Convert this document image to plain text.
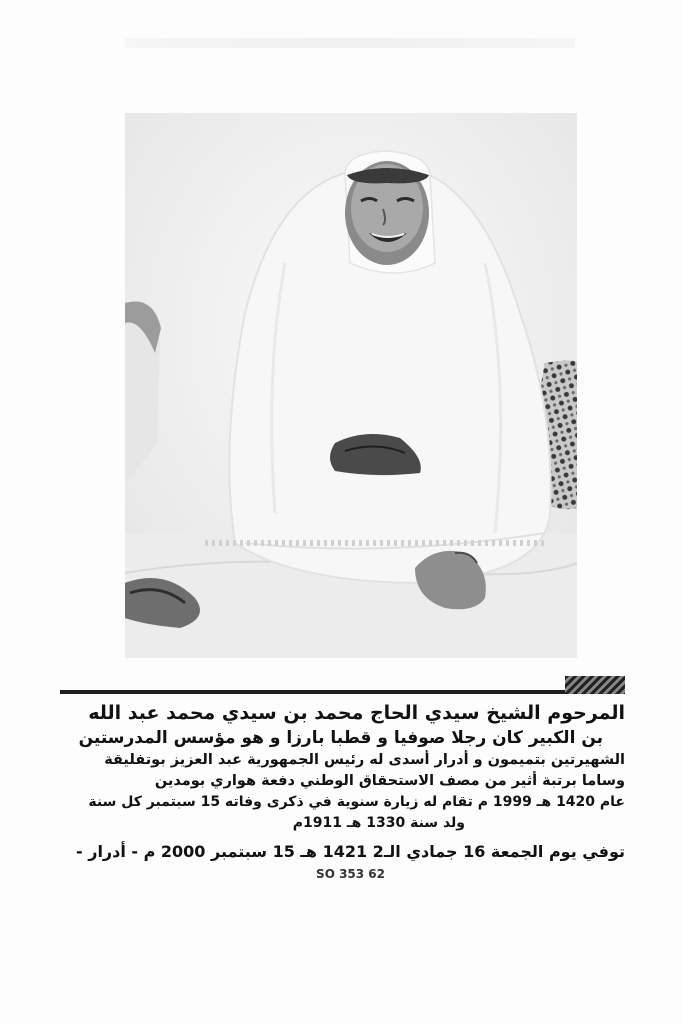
المرحوم الشيخ سيدي الحاج محمد بن سيدي محمد عبد الله
بن الكبير كان رجلا صوفيا و قطبا بارزا و هو مؤسس المدرستين
الشهيرتين بتميمون و أدرار أسدى له رئيس الجمهورية عبد العزيز بوتفليقة
وساما برتبة أثير من مصف الاستحقاق الوطني دفعة هواري بومدين
عام 1420 هـ 1999 م تقام له زيارة سنوية في ذكرى وفاته 15 سبتمبر كل سنة
ولد سنة 1330 هـ 1911م
توفي يوم الجمعة 16 جمادي الـ2 1421 هـ 15 سبتمبر 2000 م - أدرار -
SO 353 62
